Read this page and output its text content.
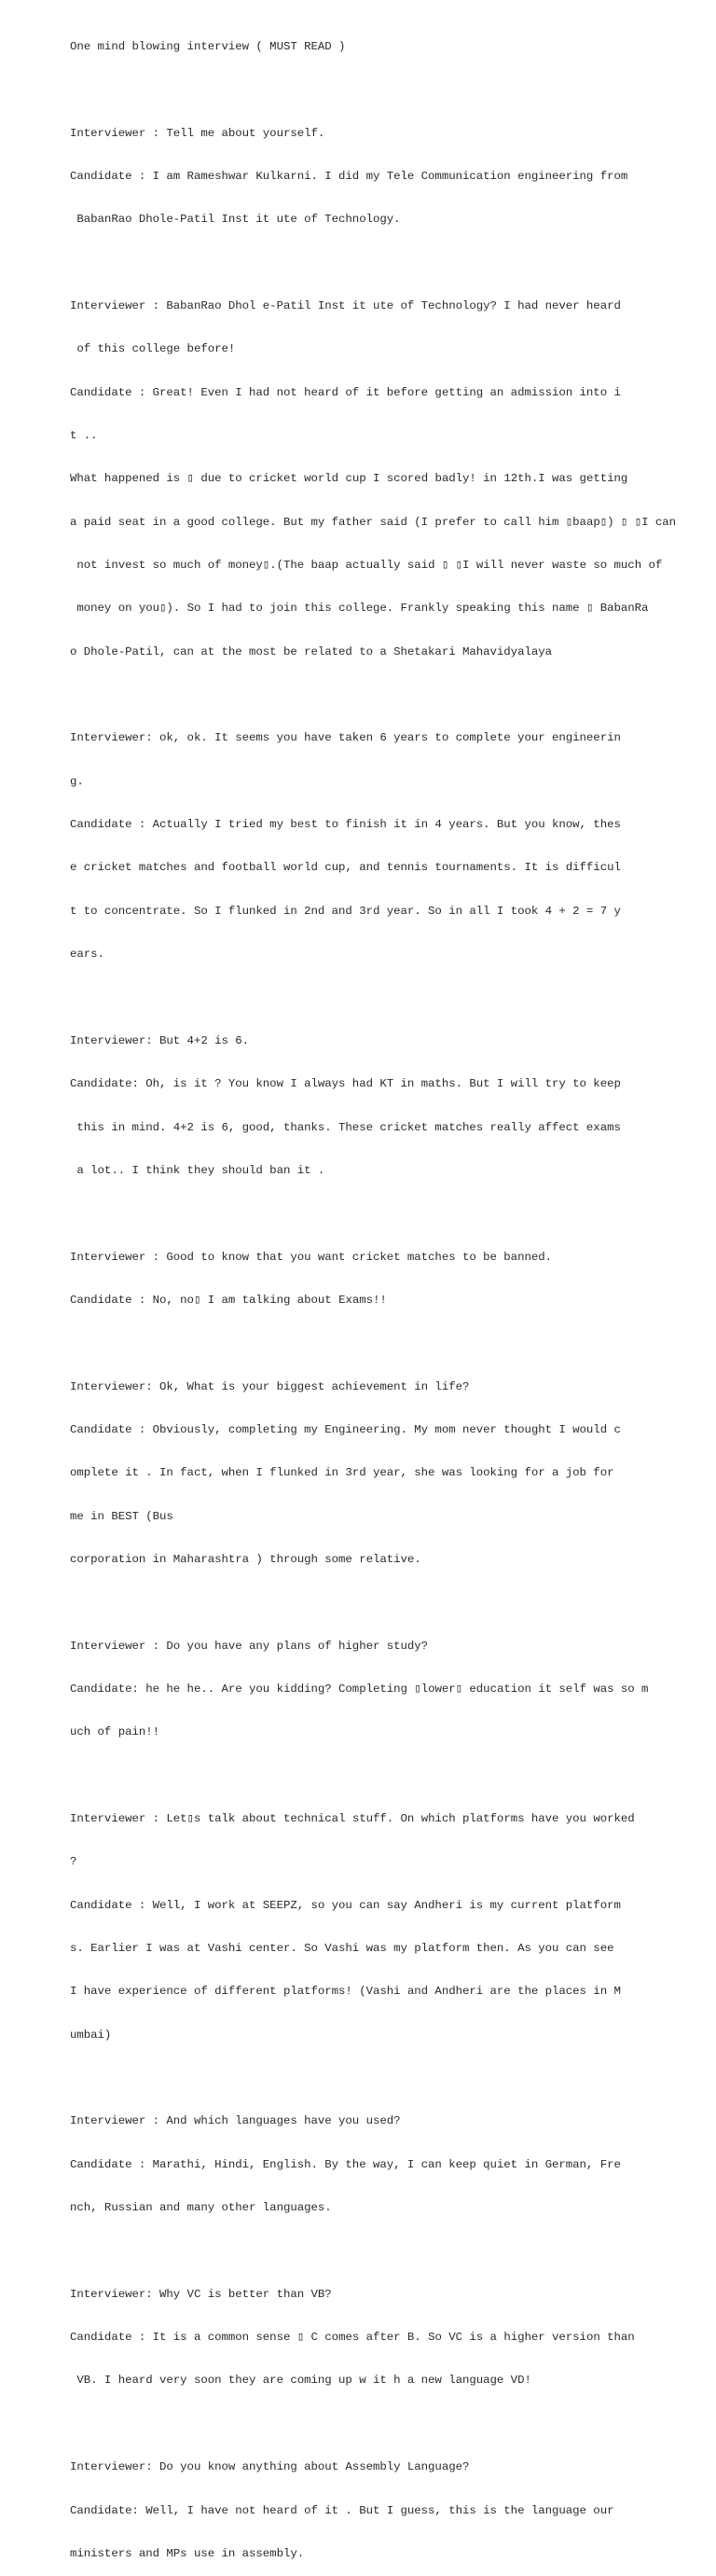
One mind blowing interview ( MUST READ )

Interviewer : Tell me about yourself.

Candidate : I am Rameshwar Kulkarni. I did my Tele Communication engineering from

BabanRao Dhole-Patil Inst it ute of Technology.

Interviewer : BabanRao Dhol e-Patil Inst it ute of Technology? I had never heard

of this college before!

Candidate : Great! Even I had not heard of it before getting an admission into i

t ..

What happened is ▯ due to cricket world cup I scored badly! in 12th.I was getting

a paid seat in a good college. But my father said (I prefer to call him ▯baap▯) ▯ ▯I can

not invest so much of money▯.(The baap actually said ▯ ▯I will never waste so much of

money on you▯). So I had to join this college. Frankly speaking this name ▯ BabanRa

o Dhole-Patil, can at the most be related to a Shetakari Mahavidyalaya

Interviewer: ok, ok. It seems you have taken 6 years to complete your engineerin

g.

Candidate : Actually I tried my best to finish it in 4 years. But you know, thes

e cricket matches and football world cup, and tennis tournaments. It is difficul

t to concentrate. So I flunked in 2nd and 3rd year. So in all I took 4 + 2 = 7 y

ears.

Interviewer: But 4+2 is 6.

Candidate: Oh, is it ? You know I always had KT in maths. But I will try to keep

this in mind. 4+2 is 6, good, thanks. These cricket matches really affect exams

a lot.. I think they should ban it .

Interviewer : Good to know that you want cricket matches to be banned.

Candidate : No, no▯ I am talking about Exams!!

Interviewer: Ok, What is your biggest achievement in life?

Candidate : Obviously, completing my Engineering. My mom never thought I would c

omplete it . In fact, when I flunked in 3rd year, she was looking for a job for

me in BEST (Bus

corporation in Maharashtra ) through some relative.

Interviewer : Do you have any plans of higher study?

Candidate: he he he.. Are you kidding? Completing ▯lower▯ education it self was so m

uch of pain!!

Interviewer : Let▯s talk about technical stuff. On which platforms have you worked

?

Candidate : Well, I work at SEEPZ, so you can say Andheri is my current platform

s. Earlier I was at Vashi center. So Vashi was my platform then. As you can see

I have experience of different platforms! (Vashi and Andheri are the places in M

umbai)

Interviewer : And which languages have you used?

Candidate : Marathi, Hindi, English. By the way, I can keep quiet in German, Fre

nch, Russian and many other languages.

Interviewer: Why VC is better than VB?

Candidate : It is a common sense ▯ C comes after B. So VC is a higher version than

VB. I heard very soon they are coming up w it h a new language VD!

Interviewer: Do you know anything about Assembly Language?

Candidate: Well, I have not heard of it . But I guess, this is the language our

ministers and MPs use in assembly.
